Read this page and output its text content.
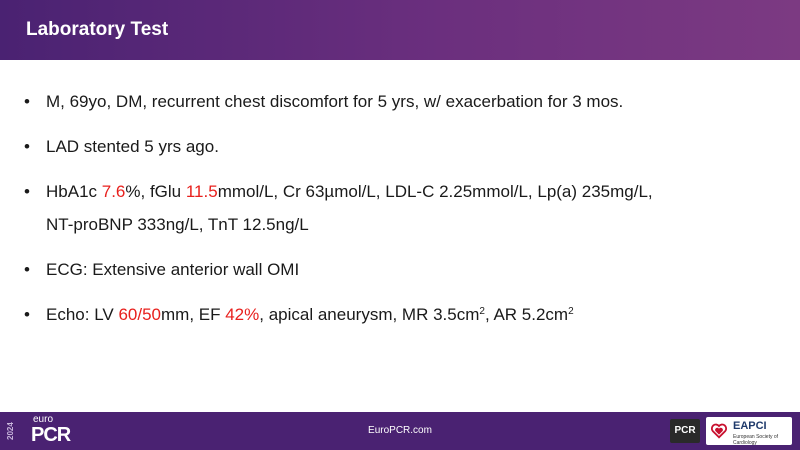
Laboratory Test
• M, 69yo, DM, recurrent chest discomfort for 5 yrs, w/ exacerbation for 3 mos.
• LAD stented 5 yrs ago.
• HbA1c 7.6%, fGlu 11.5mmol/L, Cr 63µmol/L, LDL-C 2.25mmol/L, Lp(a) 235mg/L,
NT-proBNP 333ng/L, TnT 12.5ng/L
• ECG: Extensive anterior wall OMI
• Echo: LV 60/50mm, EF 42%, apical aneurysm, MR $3.5cm^2$, AR $5.2cm^2$
2024
euro
PCR	EuroPCR.com	PCR	EAPCI
European Society of Cardiology
